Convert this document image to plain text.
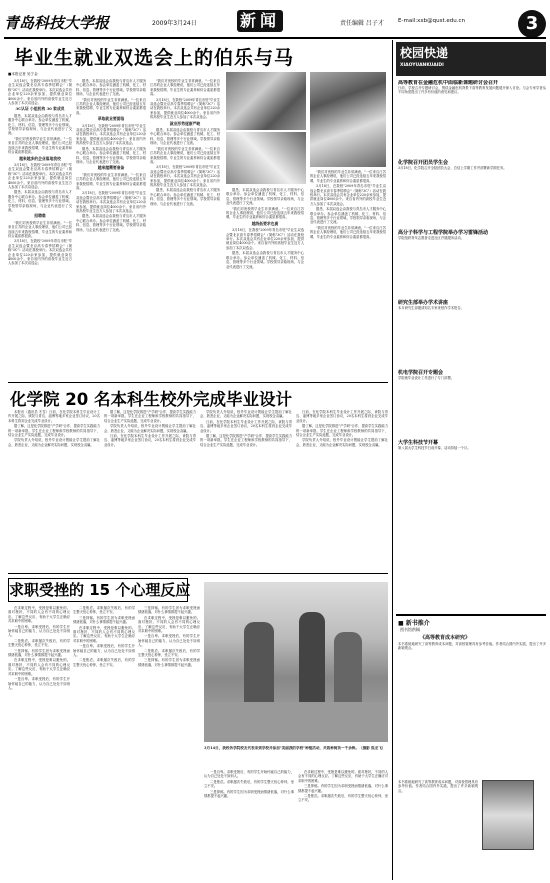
青岛科技大学报	2009年3月24日	新闻	责任编辑 吕子才	E-mail:xxb@qust.edu.cn	3
毕业生就业双选会上的伯乐与马
■本报记者 吴宁金

3月18日，在我校"2009年青岛市驻"毕业生双选会暨北京高专春季招聘会"（简称"3C"）活动在我校举行。本次双选会共有企业单位220余家参加，提供就业岗位4000余个。来自省内外的高校毕业生近万人参加了本次双选会。

3C认证 小组机构 30 家成员

据悉，本届双选会由我校与青岛市人才服务中心联合举办。参会单位涵盖了机械、化工、材料、信息、管理等多个行业领域。学校领导亲临现场，与企业代表进行了交流。

"我们对贵校的毕业生非常满意。"一位来自江苏的企业人事经理说，他们公司已经连续五年来我校招聘，毕业生的专业素养和综合素质都很高。

越来越多的企业落地我校

3月18日，在我校"2009年青岛市驻"毕业生双选会暨北京高专春季招聘会"（简称"3C"）活动在我校举行。本次双选会共有企业单位220余家参加，提供就业岗位4000余个。来自省内外的高校毕业生近万人参加了本次双选会。

据悉，本届双选会由我校与青岛市人才服务中心联合举办。参会单位涵盖了机械、化工、材料、信息、管理等多个行业领域。学校领导亲临现场，与企业代表进行了交流。

招聘难

"我们对贵校的毕业生非常满意。"一位来自江苏的企业人事经理说，他们公司已经连续五年来我校招聘，毕业生的专业素养和综合素质都很高。

3月18日，在我校"2009年青岛市驻"毕业生双选会暨北京高专春季招聘会"（简称"3C"）活动在我校举行。本次双选会共有企业单位220余家参加，提供就业岗位4000余个。来自省内外的高校毕业生近万人参加了本次双选会。

据悉，本届双选会由我校与青岛市人才服务中心联合举办。参会单位涵盖了机械、化工、材料、信息、管理等多个行业领域。学校领导亲临现场，与企业代表进行了交流。

"我们对贵校的毕业生非常满意。"一位来自江苏的企业人事经理说，他们公司已经连续五年来我校招聘，毕业生的专业素养和综合素质都很高。

录取就业要面临

3月18日，在我校"2009年青岛市驻"毕业生双选会暨北京高专春季招聘会"（简称"3C"）活动在我校举行。本次双选会共有企业单位220余家参加，提供就业岗位4000余个。来自省内外的高校毕业生近万人参加了本次双选会。

据悉，本届双选会由我校与青岛市人才服务中心联合举办。参会单位涵盖了机械、化工、材料、信息、管理等多个行业领域。学校领导亲临现场，与企业代表进行了交流。

越来越需要准备

"我们对贵校的毕业生非常满意。"一位来自江苏的企业人事经理说，他们公司已经连续五年来我校招聘，毕业生的专业素养和综合素质都很高。

3月18日，在我校"2009年青岛市驻"毕业生双选会暨北京高专春季招聘会"（简称"3C"）活动在我校举行。本次双选会共有企业单位220余家参加，提供就业岗位4000余个。来自省内外的高校毕业生近万人参加了本次双选会。

据悉，本届双选会由我校与青岛市人才服务中心联合举办。参会单位涵盖了机械、化工、材料、信息、管理等多个行业领域。学校领导亲临现场，与企业代表进行了交流。

"我们对贵校的毕业生非常满意。"一位来自江苏的企业人事经理说，他们公司已经连续五年来我校招聘，毕业生的专业素养和综合素质都很高。

3月18日，在我校"2009年青岛市驻"毕业生双选会暨北京高专春季招聘会"（简称"3C"）活动在我校举行。本次双选会共有企业单位220余家参加，提供就业岗位4000余个。来自省内外的高校毕业生近万人参加了本次双选会。

就业形势逐渐严峻

据悉，本届双选会由我校与青岛市人才服务中心联合举办。参会单位涵盖了机械、化工、材料、信息、管理等多个行业领域。学校领导亲临现场，与企业代表进行了交流。

"我们对贵校的毕业生非常满意。"一位来自江苏的企业人事经理说，他们公司已经连续五年来我校招聘，毕业生的专业素养和综合素质都很高。

3月18日，在我校"2009年青岛市驻"毕业生双选会暨北京高专春季招聘会"（简称"3C"）活动在我校举行。本次双选会共有企业单位220余家参加，提供就业岗位4000余个。来自省内外的高校毕业生近万人参加了本次双选会。

据悉，本届双选会由我校与青岛市人才服务中心联合举办。参会单位涵盖了机械、化工、材料、信息、管理等多个行业领域。学校领导亲临现场，与企业代表进行了交流。

据悉，本届双选会由我校与青岛市人才服务中心联合举办。参会单位涵盖了机械、化工、材料、信息、管理等多个行业领域。学校领导亲临现场，与企业代表进行了交流。

"我们对贵校的毕业生非常满意。"一位来自江苏的企业人事经理说，他们公司已经连续五年来我校招聘，毕业生的专业素养和综合素质都很高。

越线低要求也高

3月18日，在我校"2009年青岛市驻"毕业生双选会暨北京高专春季招聘会"（简称"3C"）活动在我校举行。本次双选会共有企业单位220余家参加，提供就业岗位4000余个。来自省内外的高校毕业生近万人参加了本次双选会。

据悉，本届双选会由我校与青岛市人才服务中心联合举办。参会单位涵盖了机械、化工、材料、信息、管理等多个行业领域。学校领导亲临现场，与企业代表进行了交流。

"我们对贵校的毕业生非常满意。"一位来自江苏的企业人事经理说，他们公司已经连续五年来我校招聘，毕业生的专业素养和综合素质都很高。

3月18日，在我校"2009年青岛市驻"毕业生双选会暨北京高专春季招聘会"（简称"3C"）活动在我校举行。本次双选会共有企业单位220余家参加，提供就业岗位4000余个。来自省内外的高校毕业生近万人参加了本次双选会。

据悉，本届双选会由我校与青岛市人才服务中心联合举办。参会单位涵盖了机械、化工、材料、信息、管理等多个行业领域。学校领导亲临现场，与企业代表进行了交流。

"我们对贵校的毕业生非常满意。"一位来自江苏的企业人事经理说，他们公司已经连续五年来我校招聘，毕业生的专业素养和综合素质都很高。

化学院 20 名本科生校外完成毕业设计

本报讯（通讯员 冬雪）日前，在化学院本科生毕业设计工作开展之际，该院与青岛、淄博等地多家企业签订协议，20名本科生将到企业完成毕业设计。

据了解，这是化学院推进"产学研"合作、提高学生实践能力的一项新举措。学生在企业工程师和学校教师的共同指导下，结合企业生产实际选题，完成毕业设计。

学院负责人介绍说，校外毕业设计既能让学生提前了解社会、熟悉企业，又能为企业解决实际问题，实现校企双赢。

据了解，这是化学院推进"产学研"合作、提高学生实践能力的一项新举措。学生在企业工程师和学校教师的共同指导下，结合企业生产实际选题，完成毕业设计。

学院负责人介绍说，校外毕业设计既能让学生提前了解社会、熟悉企业，又能为企业解决实际问题，实现校企双赢。

日前，在化学院本科生毕业设计工作开展之际，该院与青岛、淄博等地多家企业签订协议，20名本科生将到企业完成毕业设计。

学院负责人介绍说，校外毕业设计既能让学生提前了解社会、熟悉企业，又能为企业解决实际问题，实现校企双赢。

日前，在化学院本科生毕业设计工作开展之际，该院与青岛、淄博等地多家企业签订协议，20名本科生将到企业完成毕业设计。

据了解，这是化学院推进"产学研"合作、提高学生实践能力的一项新举措。学生在企业工程师和学校教师的共同指导下，结合企业生产实际选题，完成毕业设计。

日前，在化学院本科生毕业设计工作开展之际，该院与青岛、淄博等地多家企业签订协议，20名本科生将到企业完成毕业设计。

据了解，这是化学院推进"产学研"合作、提高学生实践能力的一项新举措。学生在企业工程师和学校教师的共同指导下，结合企业生产实际选题，完成毕业设计。

学院负责人介绍说，校外毕业设计既能让学生提前了解社会、熟悉企业，又能为企业解决实际问题，实现校企双赢。

求职受挫的 15 个心理反应

在求职过程中，受挫是难以避免的。面对挫折，不同的人会有不同的心理反应。了解这些反应，有助于大学生正确应对求职中的困难。

一是自卑。求职受挫后，有的学生开始怀疑自己的能力，认为自己处处不如别人。

二是焦虑。求职屡次失败后，有的学生整天忧心忡忡，坐立不安。

三是抑郁。有的学生因为求职受挫而情绪低落，对什么事情都提不起兴趣。

在求职过程中，受挫是难以避免的。面对挫折，不同的人会有不同的心理反应。了解这些反应，有助于大学生正确应对求职中的困难。

一是自卑。求职受挫后，有的学生开始怀疑自己的能力，认为自己处处不如别人。

二是焦虑。求职屡次失败后，有的学生整天忧心忡忡，坐立不安。

三是抑郁。有的学生因为求职受挫而情绪低落，对什么事情都提不起兴趣。

在求职过程中，受挫是难以避免的。面对挫折，不同的人会有不同的心理反应。了解这些反应，有助于大学生正确应对求职中的困难。

一是自卑。求职受挫后，有的学生开始怀疑自己的能力，认为自己处处不如别人。

二是焦虑。求职屡次失败后，有的学生整天忧心忡忡，坐立不安。

三是抑郁。有的学生因为求职受挫而情绪低落，对什么事情都提不起兴趣。

在求职过程中，受挫是难以避免的。面对挫折，不同的人会有不同的心理反应。了解这些反应，有助于大学生正确应对求职中的困难。

一是自卑。求职受挫后，有的学生开始怀疑自己的能力，认为自己处处不如别人。

二是焦虑。求职屡次失败后，有的学生整天忧心忡忡，坐立不安。

三是抑郁。有的学生因为求职受挫而情绪低落，对什么事情都提不起兴趣。

3月14日，我校各学院校友代表来到学校并参加"美丽我的学校"种植活动，共栽种树苗一千余株。（摄影 焦龙飞）

一是自卑。求职受挫后，有的学生开始怀疑自己的能力，认为自己处处不如别人。

二是焦虑。求职屡次失败后，有的学生整天忧心忡忡，坐立不安。

三是抑郁。有的学生因为求职受挫而情绪低落，对什么事情都提不起兴趣。

在求职过程中，受挫是难以避免的。面对挫折，不同的人会有不同的心理反应。了解这些反应，有助于大学生正确应对求职中的困难。

三是抑郁。有的学生因为求职受挫而情绪低落，对什么事情都提不起兴趣。

二是焦虑。求职屡次失败后，有的学生整天忧心忡忡，坐立不安。

校园快递
XIAOYUANKUAIDI
高等教育在金融危机中面临新课题研讨会召开
日前，学校召开专题研讨会，围绕金融危机背景下高等教育发展问题展开深入讨论。与会专家学者从不同角度提出了许多有价值的意见和建议。
化学院召开团员学生会
3月18日，化学院召开全院团员大会，总结上学期工作并部署新学期任务。
高分子科学与工程学院举办学习雷锋活动
学院组织青年志愿者走进社区开展服务活动。
研究生部举办学术讲座
本月研究生部邀请知名专家来校作学术报告。
机电学院召开专题会
学院就毕业设计工作进行了专门部署。
大学生科技节开幕
第八届大学生科技节日前开幕，活动持续一个月。
■ 新书推介
图书馆供稿
《高等教育成本研究》
本书系统地研究了高等教育成本问题，对高校管理具有参考价值。作者结合国内外实践，提出了许多新颖观点。
本书系统地研究了高等教育成本问题，对高校管理具有参考价值。作者结合国内外实践，提出了许多新颖观点。
